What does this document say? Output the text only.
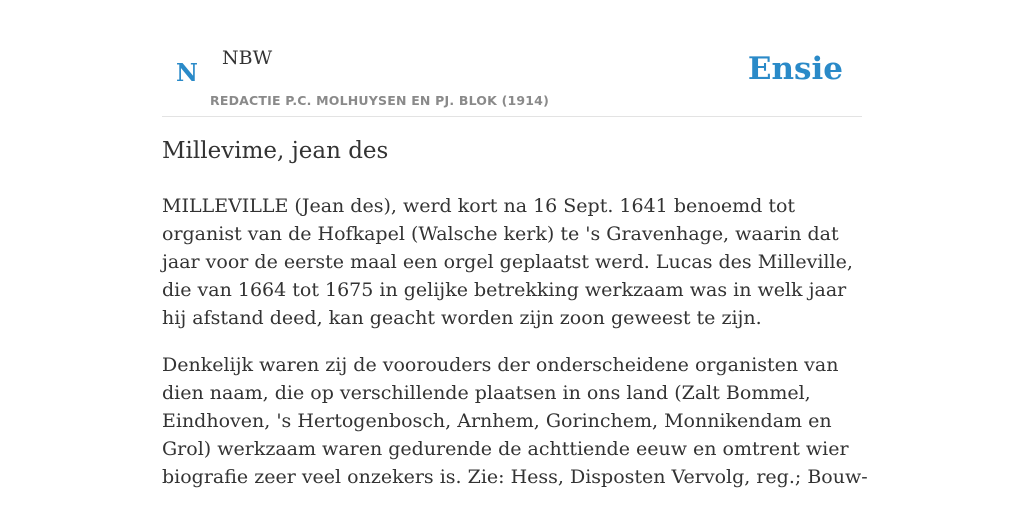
N NBW
REDACTIE P.C. MOLHUYSEN EN PJ. BLOK (1914)
Ensie
Millevime, jean des

MILLEVILLE (Jean des), werd kort na 16 Sept. 1641 benoemd tot organist van de Hofkapel (Walsche kerk) te 's Gravenhage, waarin dat jaar voor de eerste maal een orgel geplaatst werd. Lucas des Milleville, die van 1664 tot 1675 in gelijke betrekking werkzaam was in welk jaar hij afstand deed, kan geacht worden zijn zoon geweest te zijn.

Denkelijk waren zij de voorouders der onderscheidene organisten van dien naam, die op verschillende plaatsen in ons land (Zalt Bommel, Eindhoven, 's Hertogenbosch, Arnhem, Gorinchem, Monnikendam en Grol) werkzaam waren gedurende de achttiende eeuw en omtrent wier biografie zeer veel onzekers is. Zie: Hess, Disposten Vervolg, reg.; Bouw-
